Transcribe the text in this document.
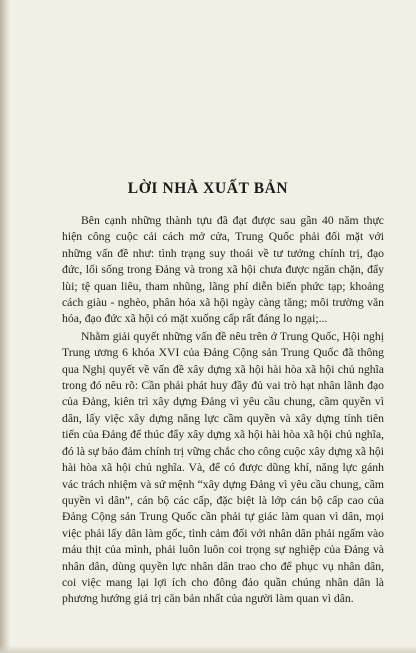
LỜI NHÀ XUẤT BẢN

Bên cạnh những thành tựu đã đạt được sau gần 40 năm thực hiện công cuộc cải cách mở cửa, Trung Quốc phải đối mặt với những vấn đề như: tình trạng suy thoái về tư tưởng chính trị, đạo đức, lối sống trong Đảng và trong xã hội chưa được ngăn chặn, đẩy lùi; tệ quan liêu, tham nhũng, lãng phí diễn biến phức tạp; khoảng cách giàu - nghèo, phân hóa xã hội ngày càng tăng; môi trường văn hóa, đạo đức xã hội có mặt xuống cấp rất đáng lo ngại;...

Nhằm giải quyết những vấn đề nêu trên ở Trung Quốc, Hội nghị Trung ương 6 khóa XVI của Đảng Cộng sản Trung Quốc đã thông qua Nghị quyết về vấn đề xây dựng xã hội hài hòa xã hội chủ nghĩa trong đó nêu rõ: Cần phải phát huy đầy đủ vai trò hạt nhân lãnh đạo của Đảng, kiên trì xây dựng Đảng vì yêu cầu chung, cầm quyền vì dân, lấy việc xây dựng năng lực cầm quyền và xây dựng tính tiên tiến của Đảng để thúc đẩy xây dựng xã hội hài hòa xã hội chủ nghĩa, đó là sự bảo đảm chính trị vững chắc cho công cuộc xây dựng xã hội hài hòa xã hội chủ nghĩa. Và, để có được dũng khí, năng lực gánh vác trách nhiệm và sứ mệnh “xây dựng Đảng vì yêu cầu chung, cầm quyền vì dân”, cán bộ các cấp, đặc biệt là lớp cán bộ cấp cao của Đảng Cộng sản Trung Quốc cần phải tự giác làm quan vì dân, mọi việc phải lấy dân làm gốc, tình cảm đối với nhân dân phải ngấm vào máu thịt của mình, phải luôn luôn coi trọng sự nghiệp của Đảng và nhân dân, dùng quyền lực nhân dân trao cho để phục vụ nhân dân, coi việc mang lại lợi ích cho đông đảo quần chúng nhân dân là phương hướng giá trị căn bản nhất của người làm quan vì dân.
